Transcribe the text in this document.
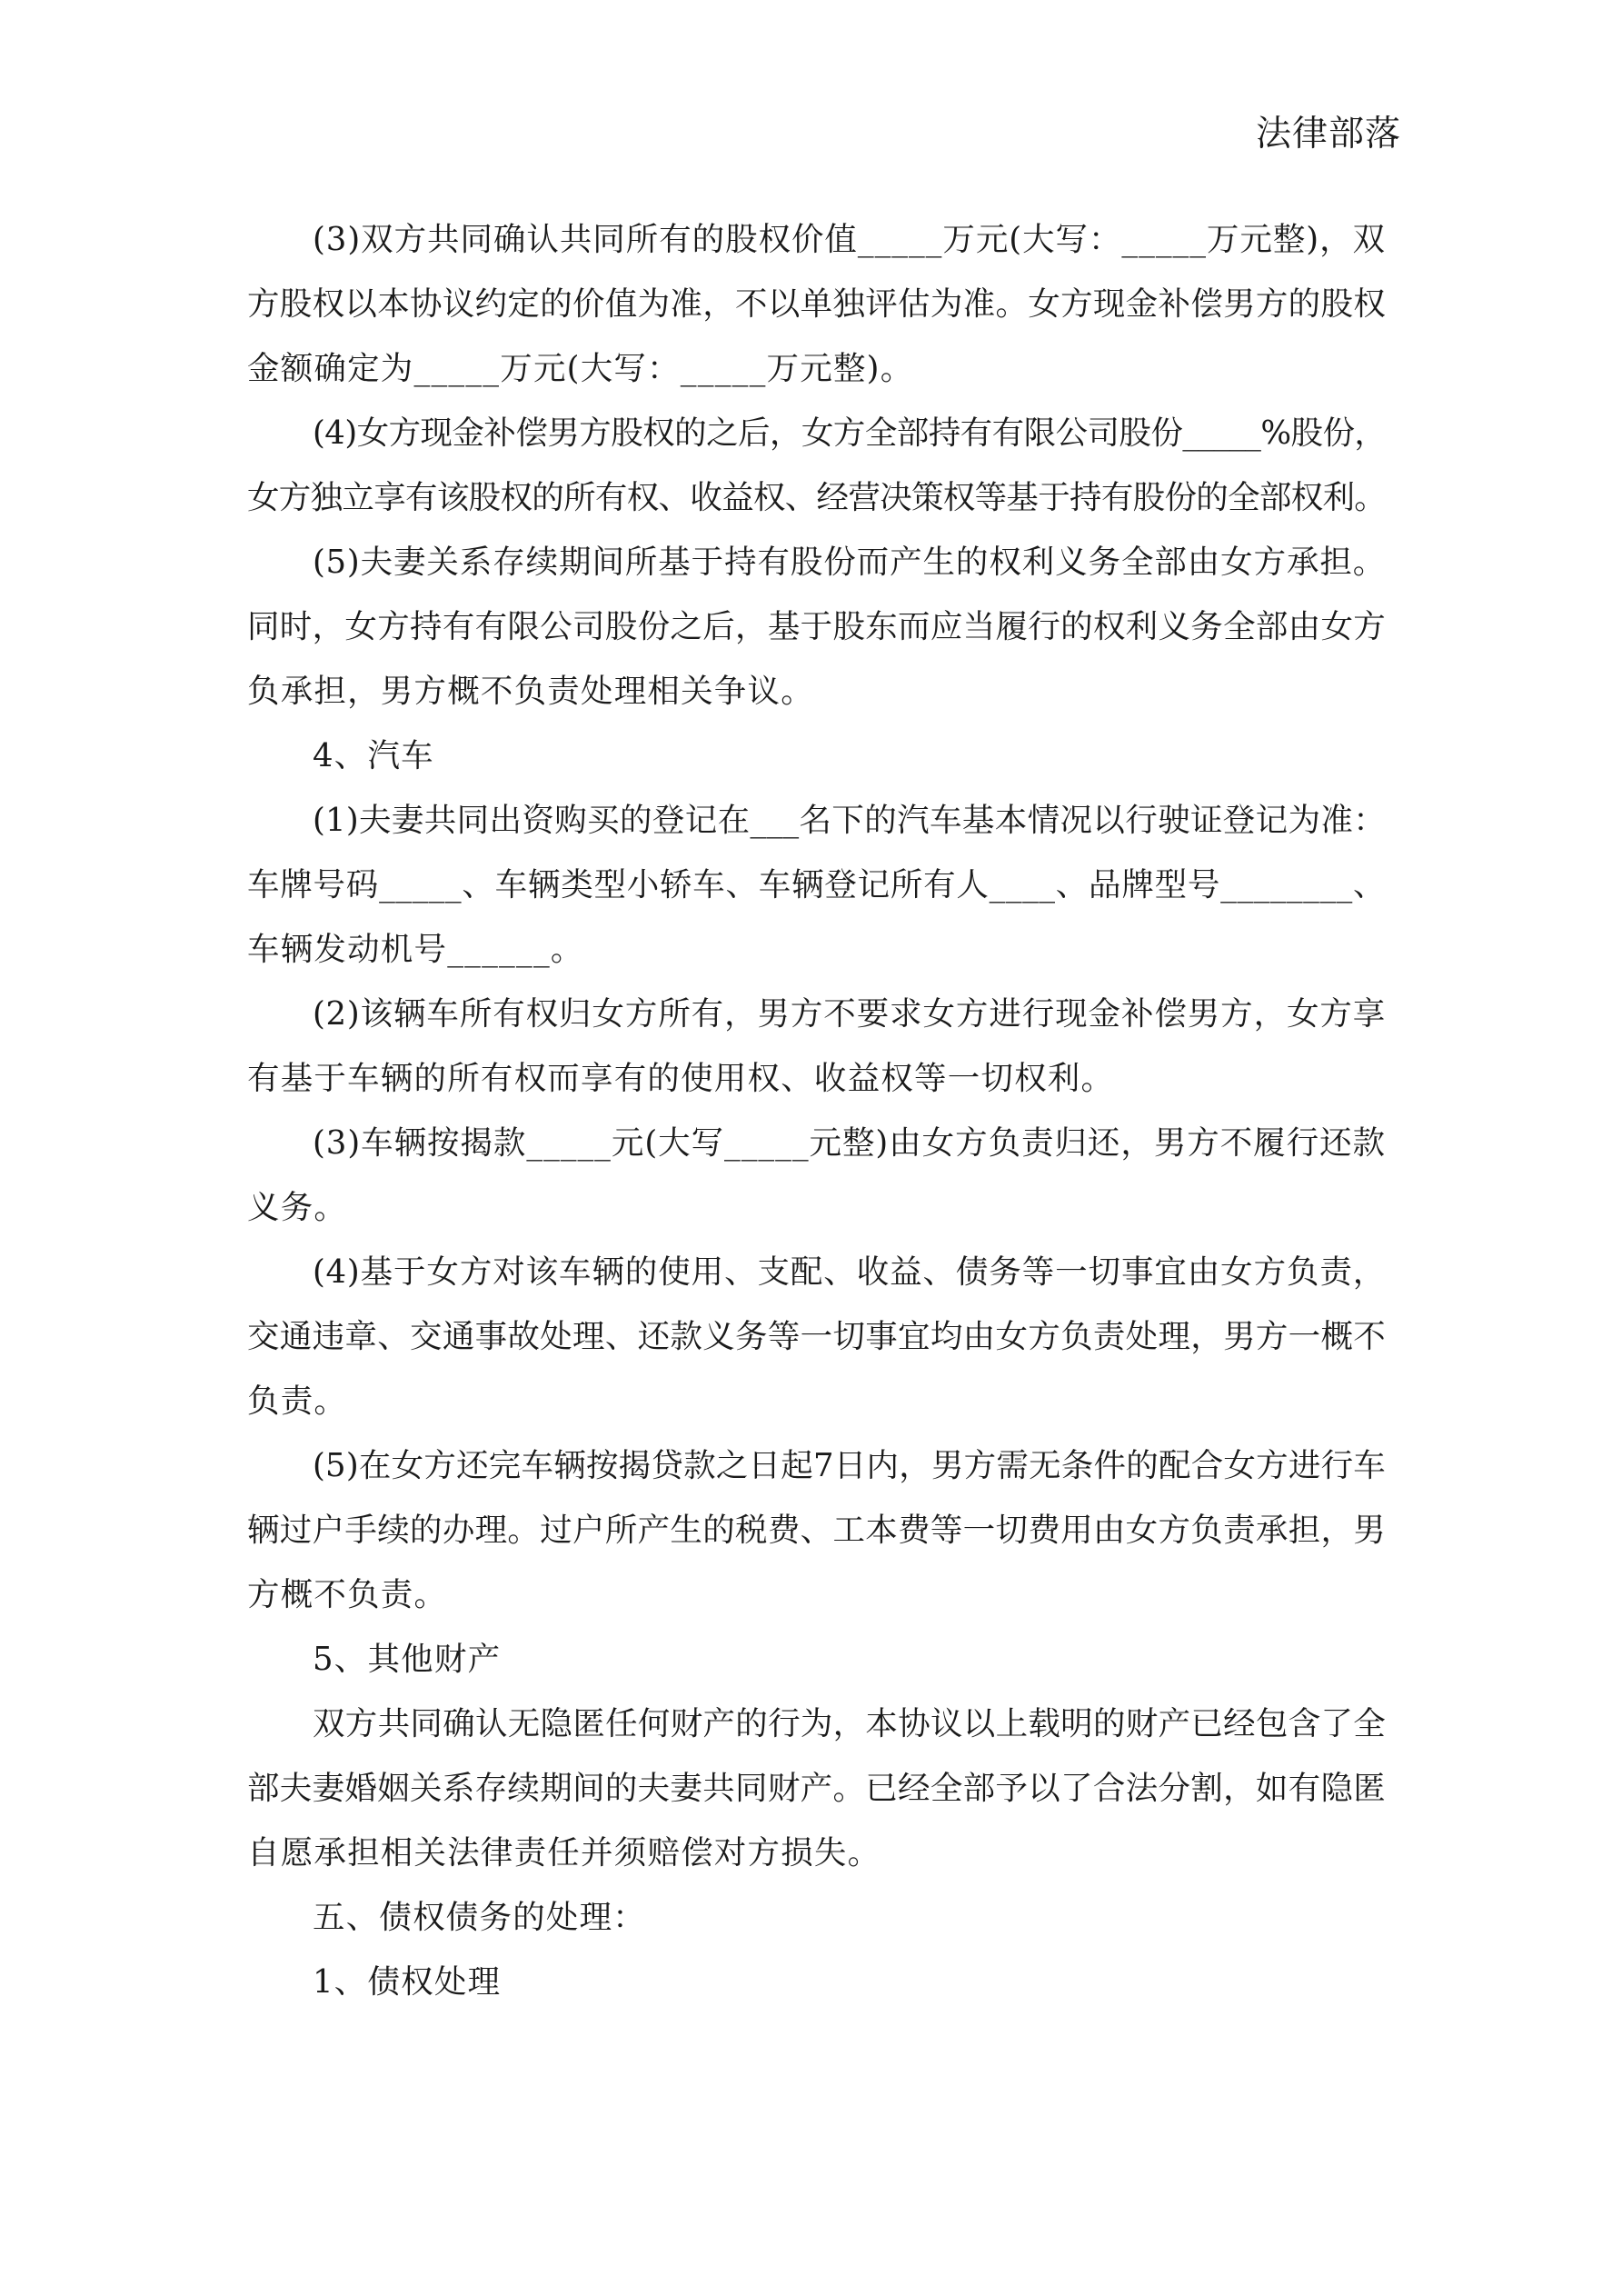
法律部落
(3)双方共同确认共同所有的股权价值_____万元(大写：_____万元整)，双
方股权以本协议约定的价值为准，不以单独评估为准。女方现金补偿男方的股权
金额确定为_____万元(大写：_____万元整)。
(4)女方现金补偿男方股权的之后，女方全部持有有限公司股份_____%股份，
女方独立享有该股权的所有权、收益权、经营决策权等基于持有股份的全部权利。
(5)夫妻关系存续期间所基于持有股份而产生的权利义务全部由女方承担。
同时，女方持有有限公司股份之后，基于股东而应当履行的权利义务全部由女方
负承担，男方概不负责处理相关争议。
4、汽车
(1)夫妻共同出资购买的登记在___名下的汽车基本情况以行驶证登记为准：
车牌号码_____、车辆类型小轿车、车辆登记所有人____、品牌型号________、
车辆发动机号______。
(2)该辆车所有权归女方所有，男方不要求女方进行现金补偿男方，女方享
有基于车辆的所有权而享有的使用权、收益权等一切权利。
(3)车辆按揭款_____元(大写_____元整)由女方负责归还，男方不履行还款
义务。
(4)基于女方对该车辆的使用、支配、收益、债务等一切事宜由女方负责，
交通违章、交通事故处理、还款义务等一切事宜均由女方负责处理，男方一概不
负责。
(5)在女方还完车辆按揭贷款之日起7日内，男方需无条件的配合女方进行车
辆过户手续的办理。过户所产生的税费、工本费等一切费用由女方负责承担，男
方概不负责。
5、其他财产
双方共同确认无隐匿任何财产的行为，本协议以上载明的财产已经包含了全
部夫妻婚姻关系存续期间的夫妻共同财产。已经全部予以了合法分割，如有隐匿
自愿承担相关法律责任并须赔偿对方损失。
五、债权债务的处理：
1、债权处理
